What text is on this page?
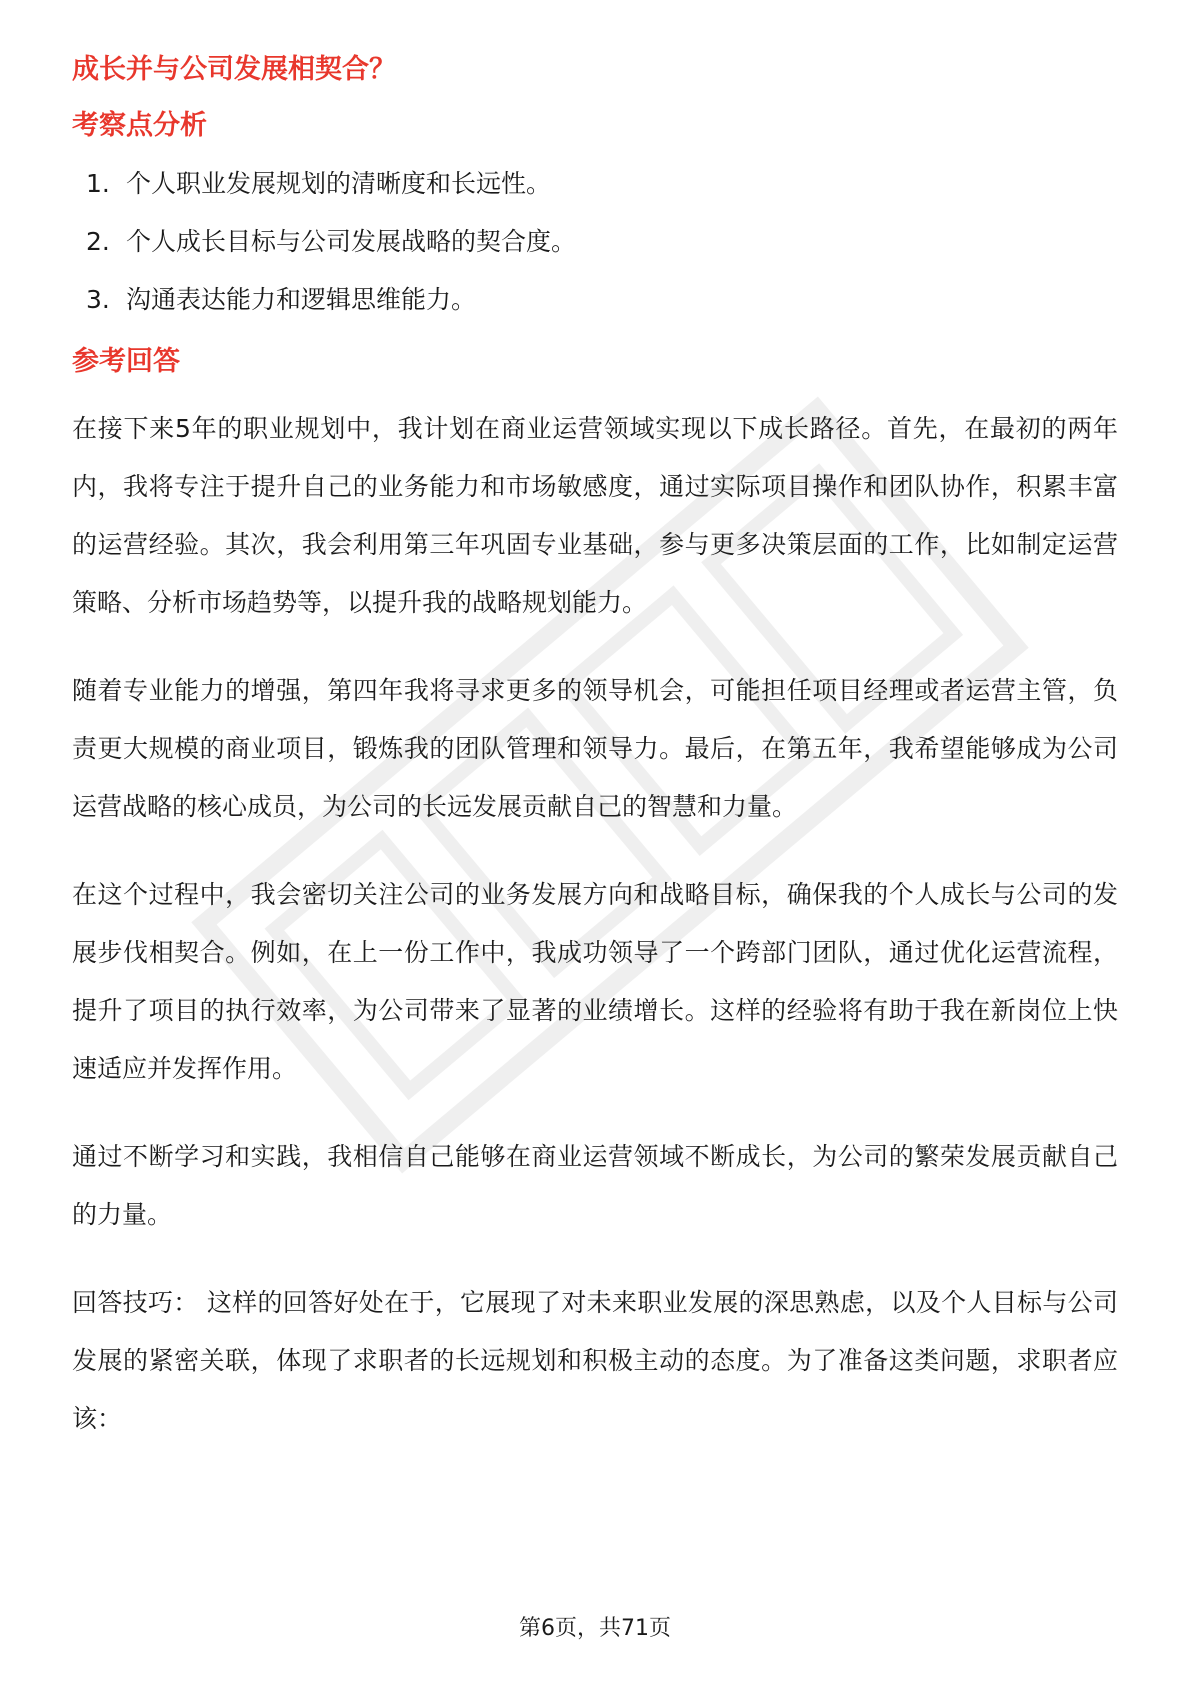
成长并与公司发展相契合？
考察点分析
1. 个人职业发展规划的清晰度和长远性。
2. 个人成长目标与公司发展战略的契合度。
3. 沟通表达能力和逻辑思维能力。
参考回答

在接下来5年的职业规划中，我计划在商业运营领域实现以下成长路径。首先，在最初的两年内，我将专注于提升自己的业务能力和市场敏感度，通过实际项目操作和团队协作，积累丰富的运营经验。其次，我会利用第三年巩固专业基础，参与更多决策层面的工作，比如制定运营策略、分析市场趋势等，以提升我的战略规划能力。

随着专业能力的增强，第四年我将寻求更多的领导机会，可能担任项目经理或者运营主管，负责更大规模的商业项目，锻炼我的团队管理和领导力。最后，在第五年，我希望能够成为公司运营战略的核心成员，为公司的长远发展贡献自己的智慧和力量。

在这个过程中，我会密切关注公司的业务发展方向和战略目标，确保我的个人成长与公司的发展步伐相契合。例如，在上一份工作中，我成功领导了一个跨部门团队，通过优化运营流程，提升了项目的执行效率，为公司带来了显著的业绩增长。这样的经验将有助于我在新岗位上快速适应并发挥作用。

通过不断学习和实践，我相信自己能够在商业运营领域不断成长，为公司的繁荣发展贡献自己的力量。

回答技巧： 这样的回答好处在于，它展现了对未来职业发展的深思熟虑，以及个人目标与公司发展的紧密关联，体现了求职者的长远规划和积极主动的态度。为了准备这类问题，求职者应该：

第6页，共71页
